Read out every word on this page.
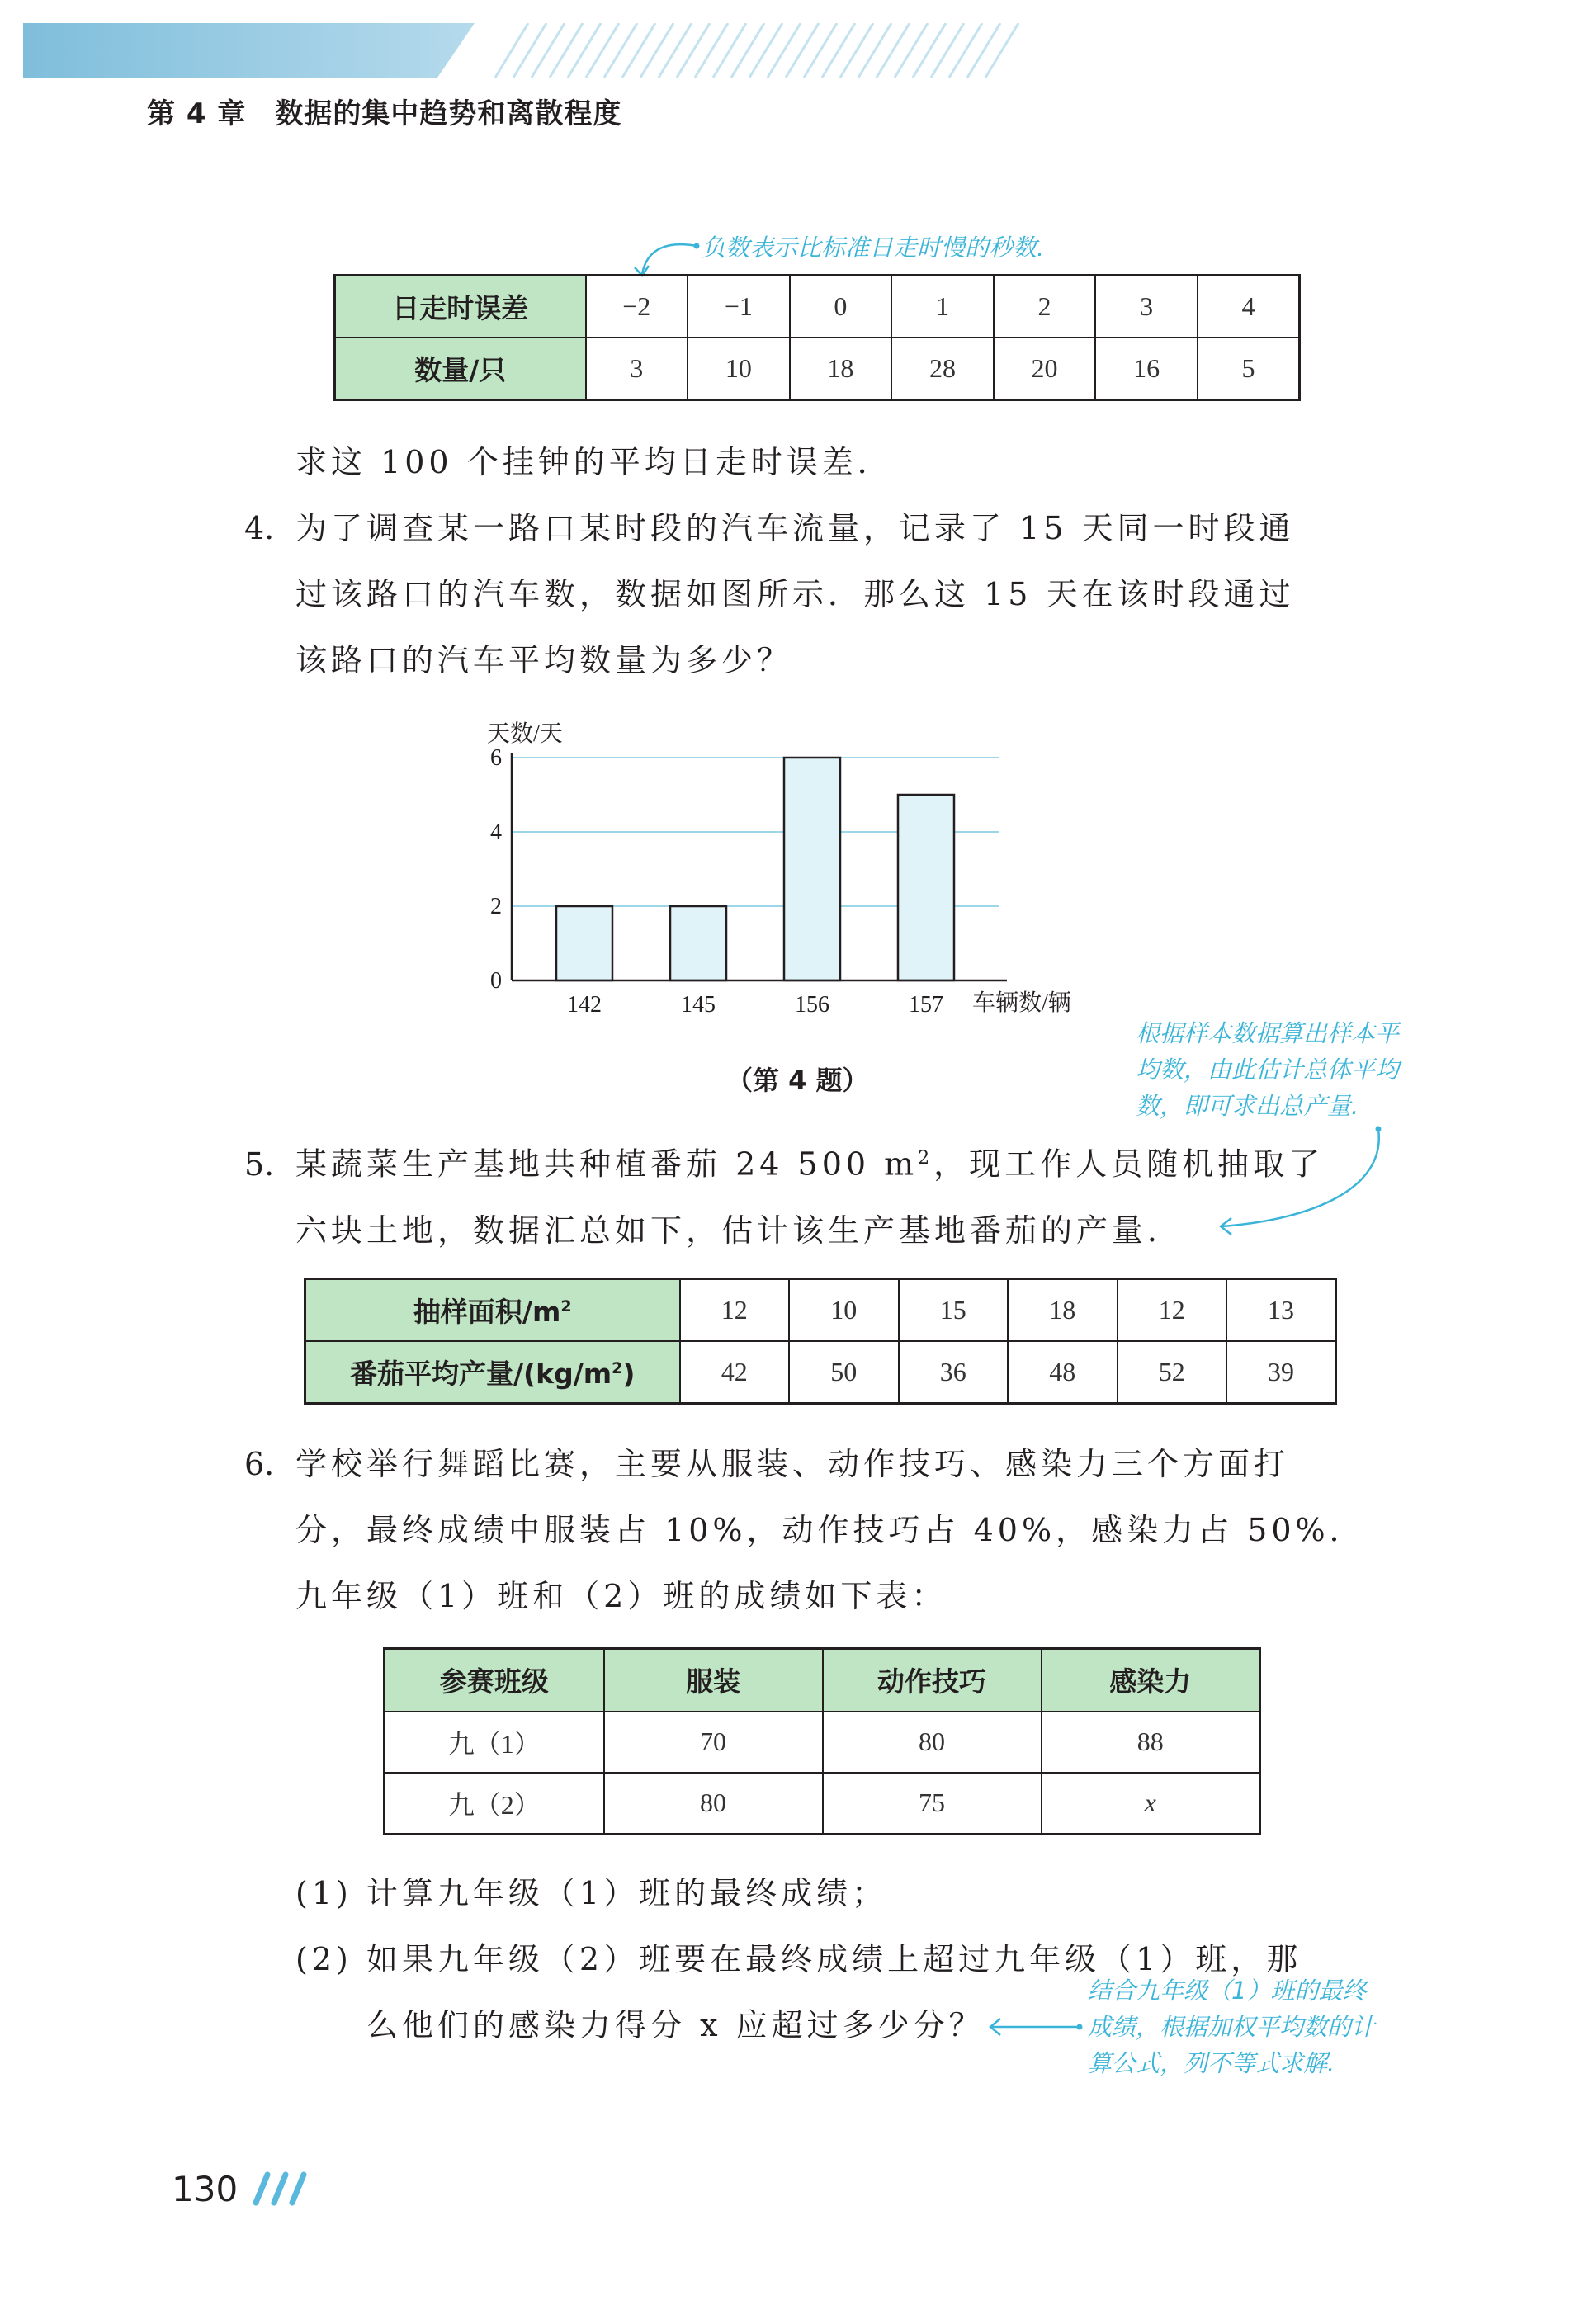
第 4 章　数据的集中趋势和离散程度
负数表示比标准日走时慢的秒数.
日走时误差	−2	−1	0	1	2	3	4
数量/只	3	10	18	28	20	16	5
求这 100 个挂钟的平均日走时误差．
4. 为了调查某一路口某时段的汽车流量，记录了 15 天同一时段通
过该路口的汽车数，数据如图所示．那么这 15 天在该时段通过
该路口的汽车平均数量为多少？
142	145	156	157
0
2
4
6
天数/天
车辆数/辆
（第 4 题）
根据样本数据算出样本平
均数，由此估计总体平均
数，即可求出总产量.
5. 某蔬菜生产基地共种植番茄 24 500 $m^2$，现工作人员随机抽取了
六块土地，数据汇总如下，估计该生产基地番茄的产量．
抽样面积$/m^2$	12	10	15	18	12	13
番茄平均产量$/(kg/m^2)$	42	50	36	48	52	39
6. 学校举行舞蹈比赛，主要从服装、动作技巧、感染力三个方面打
分，最终成绩中服装占 10%，动作技巧占 40%，感染力占 50%．
九年级（1）班和（2）班的成绩如下表：
参赛班级	服装	动作技巧	感染力
九（1）	70	80	88
九（2）	80	75	x
(1) 计算九年级（1）班的最终成绩；
(2) 如果九年级（2）班要在最终成绩上超过九年级（1）班，那
么他们的感染力得分 x 应超过多少分？
结合九年级（1）班的最终
成绩，根据加权平均数的计
算公式，列不等式求解.
130
